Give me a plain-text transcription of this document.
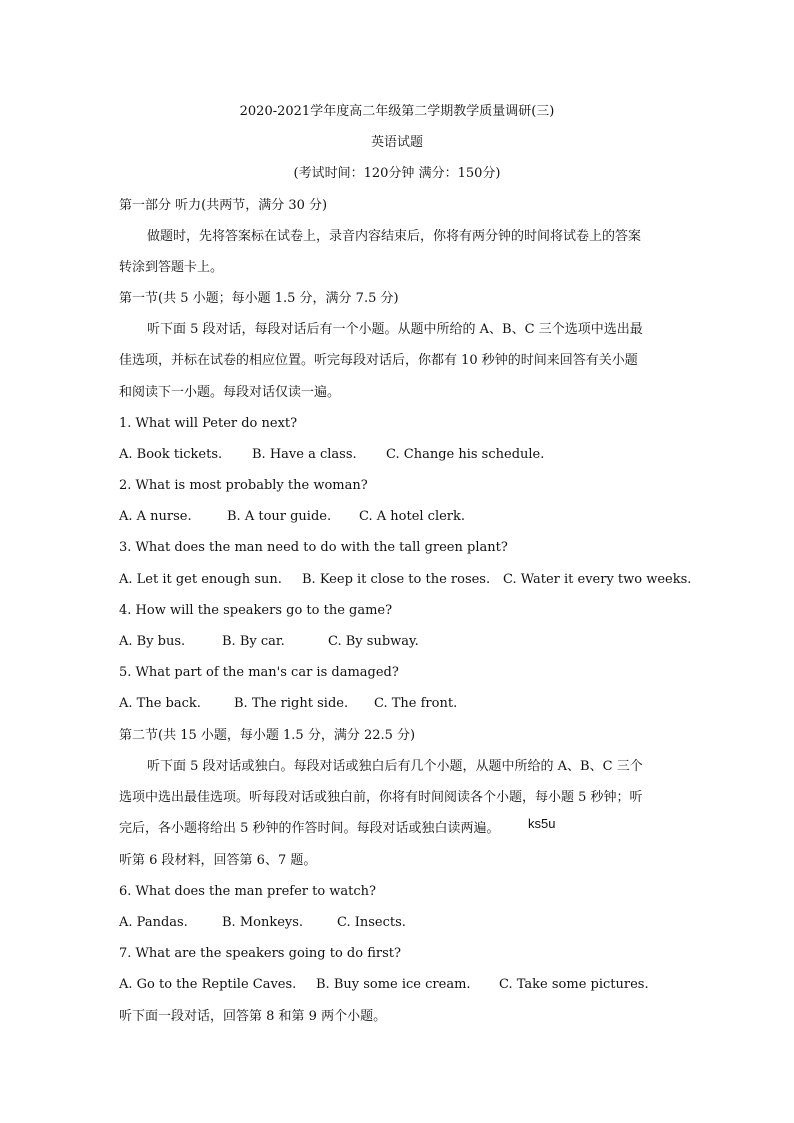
2020-2021学年度高二年级第二学期教学质量调研(三)
英语试题
(考试时间：120分钟 满分：150分)
第一部分 听力(共两节，满分 30 分)
做题时，先将答案标在试卷上，录音内容结束后，你将有两分钟的时间将试卷上的答案
转涂到答题卡上。
第一节(共 5 小题；每小题 1.5 分，满分 7.5 分)
听下面 5 段对话，每段对话后有一个小题。从题中所给的 A、B、C 三个选项中选出最
佳选项，并标在试卷的相应位置。听完每段对话后，你都有 10 秒钟的时间来回答有关小题
和阅读下一小题。每段对话仅读一遍。
1. What will Peter do next?
A. Book tickets. B. Have a class. C. Change his schedule.
2. What is most probably the woman?
A. A nurse.	B. A tour guide. C. A hotel clerk.
3. What does the man need to do with the tall green plant?
A. Let it get enough sun. B. Keep it close to the roses. C. Water it every two weeks.
4. How will the speakers go to the game?
A. By bus.	B. By car.	C. By subway.
5. What part of the man's car is damaged?
A. The back.	B. The right side. C. The front.
第二节(共 15 小题，每小题 1.5 分，满分 22.5 分)
听下面 5 段对话或独白。每段对话或独白后有几个小题，从题中所给的 A、B、C 三个
选项中选出最佳选项。听每段对话或独白前，你将有时间阅读各个小题，每小题 5 秒钟；听
完后，各小题将给出 5 秒钟的作答时间。每段对话或独白读两遍。 ks5u
听第 6 段材料，回答第 6、7 题。
6. What does the man prefer to watch?
A. Pandas.	B. Monkeys.	C. Insects.
7. What are the speakers going to do first?
A. Go to the Reptile Caves. B. Buy some ice cream. C. Take some pictures.
听下面一段对话，回答第 8 和第 9 两个小题。
